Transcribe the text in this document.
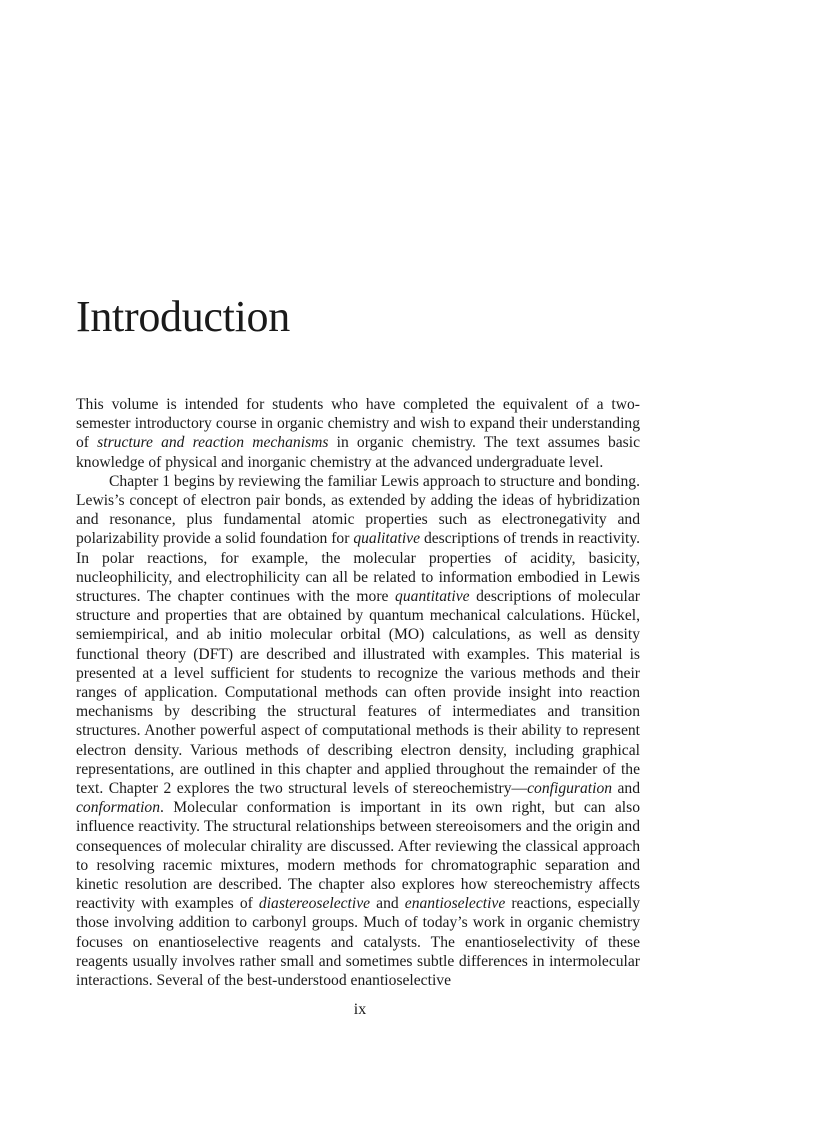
Introduction

This volume is intended for students who have completed the equivalent of a two-semester introductory course in organic chemistry and wish to expand their understanding of structure and reaction mechanisms in organic chemistry. The text assumes basic knowledge of physical and inorganic chemistry at the advanced undergraduate level.

Chapter 1 begins by reviewing the familiar Lewis approach to structure and bonding. Lewis’s concept of electron pair bonds, as extended by adding the ideas of hybridization and resonance, plus fundamental atomic properties such as electronegativity and polarizability provide a solid foundation for qualitative descriptions of trends in reactivity. In polar reactions, for example, the molecular properties of acidity, basicity, nucleophilicity, and electrophilicity can all be related to information embodied in Lewis structures. The chapter continues with the more quantitative descriptions of molecular structure and properties that are obtained by quantum mechanical calculations. Hückel, semiempirical, and ab initio molecular orbital (MO) calculations, as well as density functional theory (DFT) are described and illustrated with examples. This material is presented at a level sufficient for students to recognize the various methods and their ranges of application. Computational methods can often provide insight into reaction mechanisms by describing the structural features of intermediates and transition structures. Another powerful aspect of computational methods is their ability to represent electron density. Various methods of describing electron density, including graphical representations, are outlined in this chapter and applied throughout the remainder of the text. Chapter 2 explores the two structural levels of stereochemistry—configuration and conformation. Molecular conformation is important in its own right, but can also influence reactivity. The structural relationships between stereoisomers and the origin and consequences of molecular chirality are discussed. After reviewing the classical approach to resolving racemic mixtures, modern methods for chromatographic separation and kinetic resolution are described. The chapter also explores how stereochemistry affects reactivity with examples of diastereoselective and enantioselective reactions, especially those involving addition to carbonyl groups. Much of today’s work in organic chemistry focuses on enantioselective reagents and catalysts. The enantioselectivity of these reagents usually involves rather small and sometimes subtle differences in intermolecular interactions. Several of the best-understood enantioselective

ix
